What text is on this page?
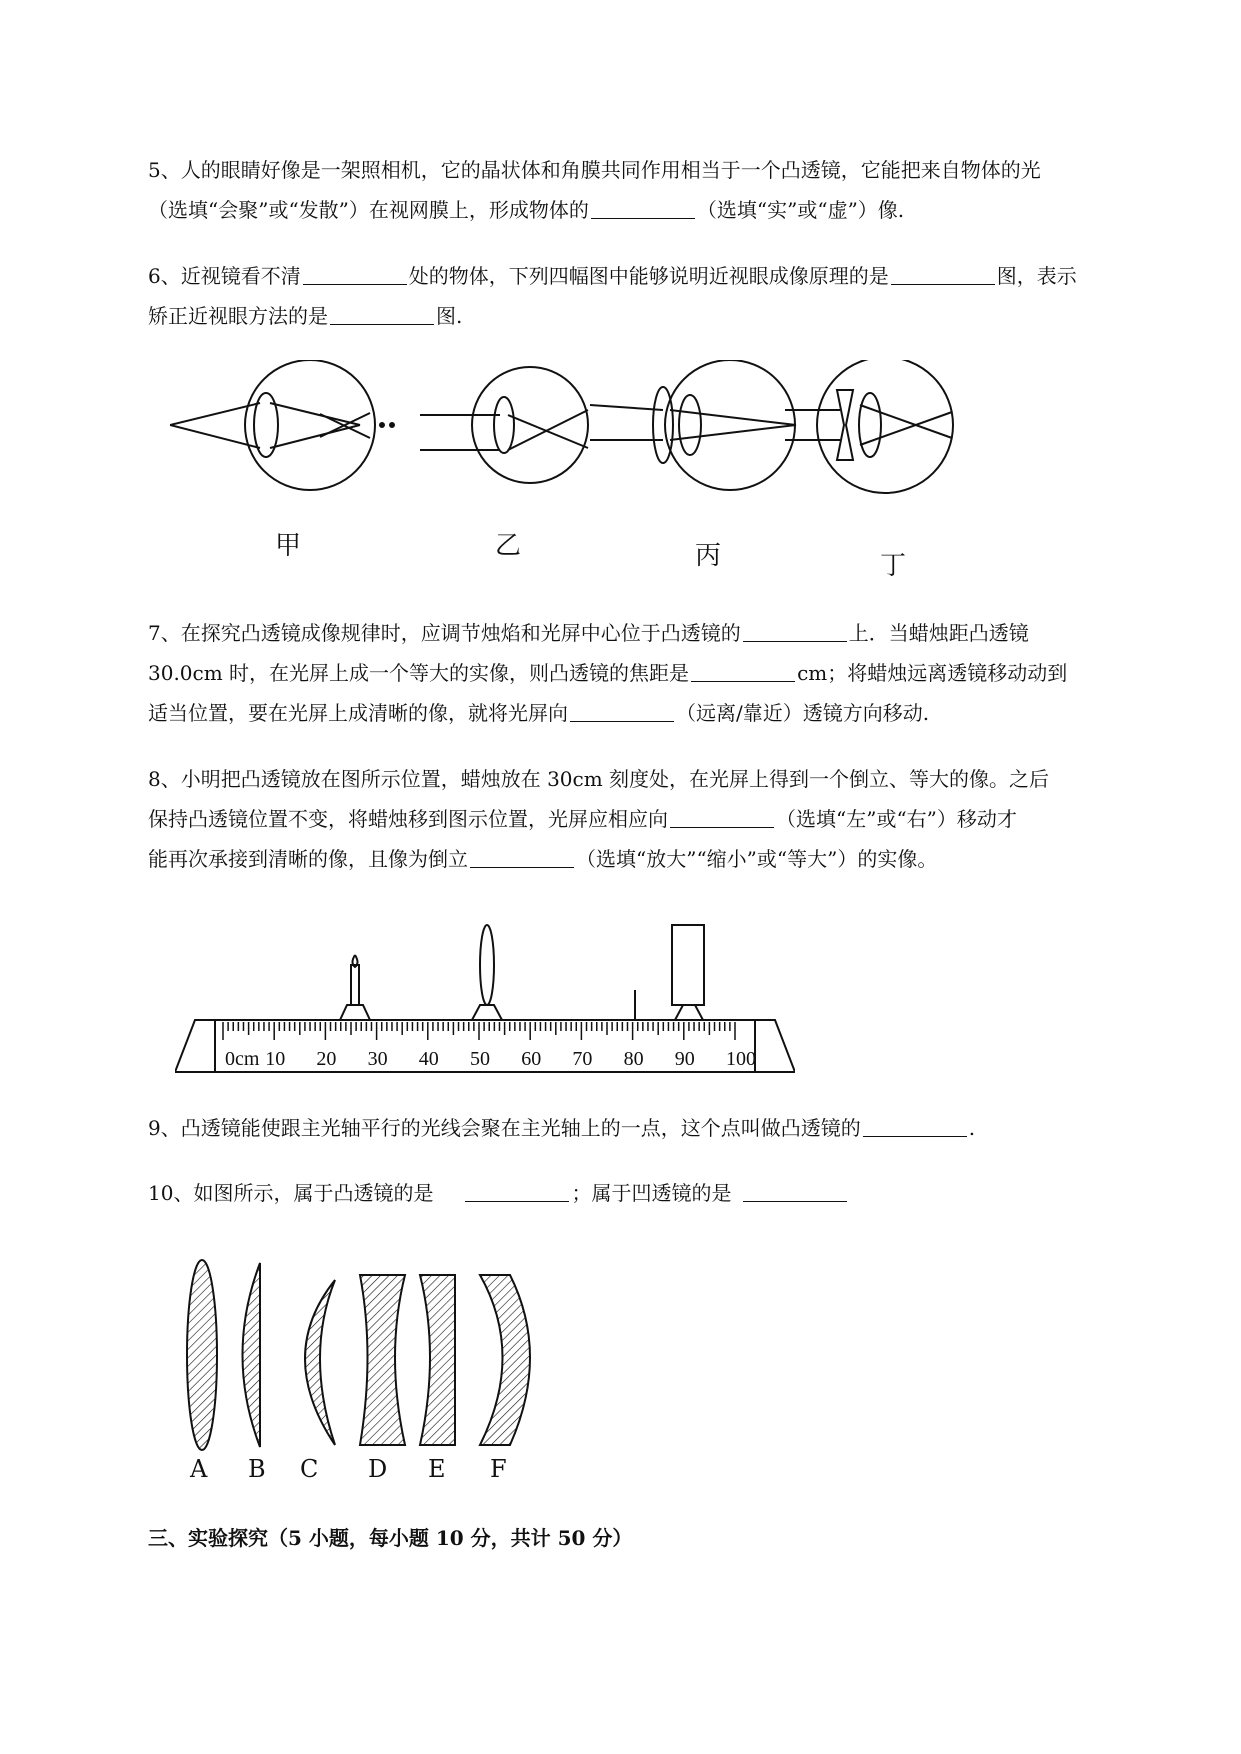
5、人的眼睛好像是一架照相机，它的晶状体和角膜共同作用相当于一个凸透镜，它能把来自物体的光
（选填“会聚”或“发散”）在视网膜上，形成物体的	（选填“实”或“虚”）像.
6、近视镜看不清	处的物体，下列四幅图中能够说明近视眼成像原理的是	图，表示
矫正近视眼方法的是	图.
甲	乙	丙	丁
7、在探究凸透镜成像规律时，应调节烛焰和光屏中心位于凸透镜的	上．当蜡烛距凸透镜
30.0cm 时，在光屏上成一个等大的实像，则凸透镜的焦距是	cm；将蜡烛远离透镜移动动到
适当位置，要在光屏上成清晰的像，就将光屏向	（远离/靠近）透镜方向移动.
8、小明把凸透镜放在图所示位置，蜡烛放在 30cm 刻度处，在光屏上得到一个倒立、等大的像。之后
保持凸透镜位置不变，将蜡烛移到图示位置，光屏应相应向	（选填“左”或“右”）移动才
能再次承接到清晰的像，且像为倒立	（选填“放大”“缩小”或“等大”）的实像。
0cm 10 20 30 40 50 60 70 80 90 100
9、凸透镜能使跟主光轴平行的光线会聚在主光轴上的一点，这个点叫做凸透镜的	.
10、如图所示，属于凸透镜的是	；属于凹透镜的是
A B C D E F
三、实验探究（5 小题，每小题 10 分，共计 50 分）
